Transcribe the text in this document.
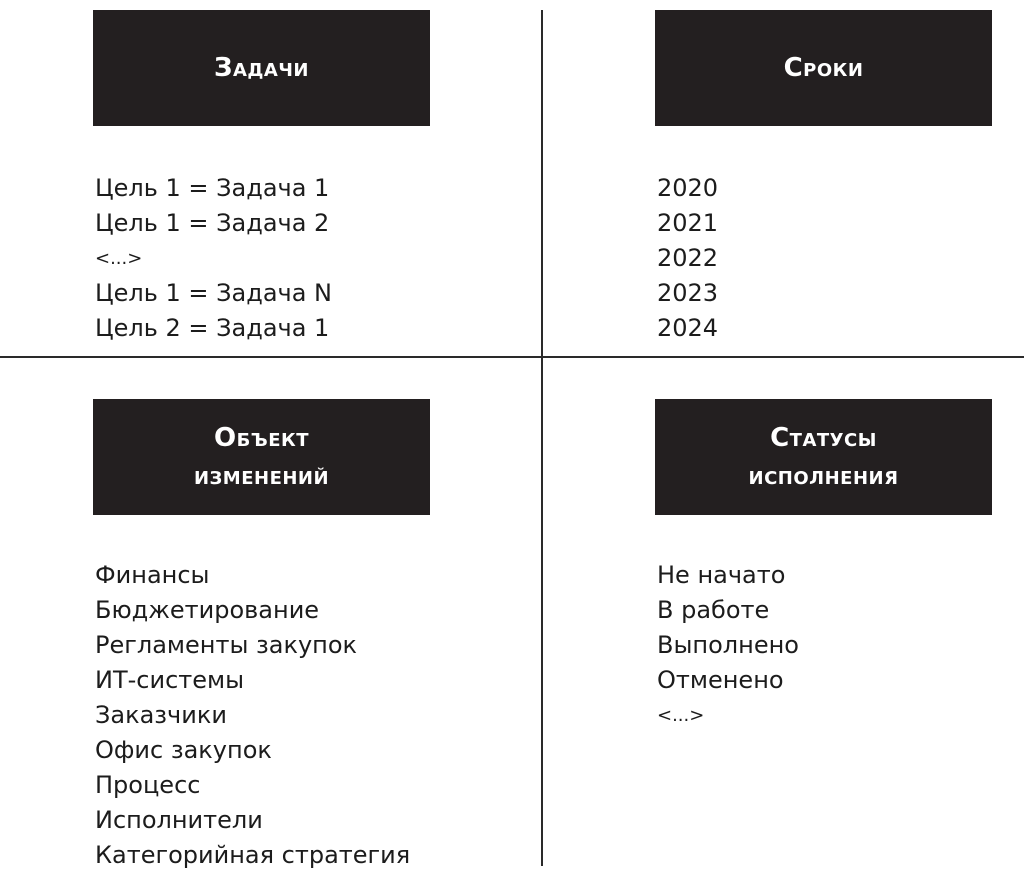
Задачи
Цель 1 = Задача 1
Цель 1 = Задача 2
<...>
Цель 1 = Задача N
Цель 2 = Задача 1
Сроки
2020
2021
2022
2023
2024
Объект
изменений
Финансы
Бюджетирование
Регламенты закупок
ИТ-системы
Заказчики
Офис закупок
Процесс
Исполнители
Категорийная стратегия
Статусы
исполнения
Не начато
В работе
Выполнено
Отменено
<...>
